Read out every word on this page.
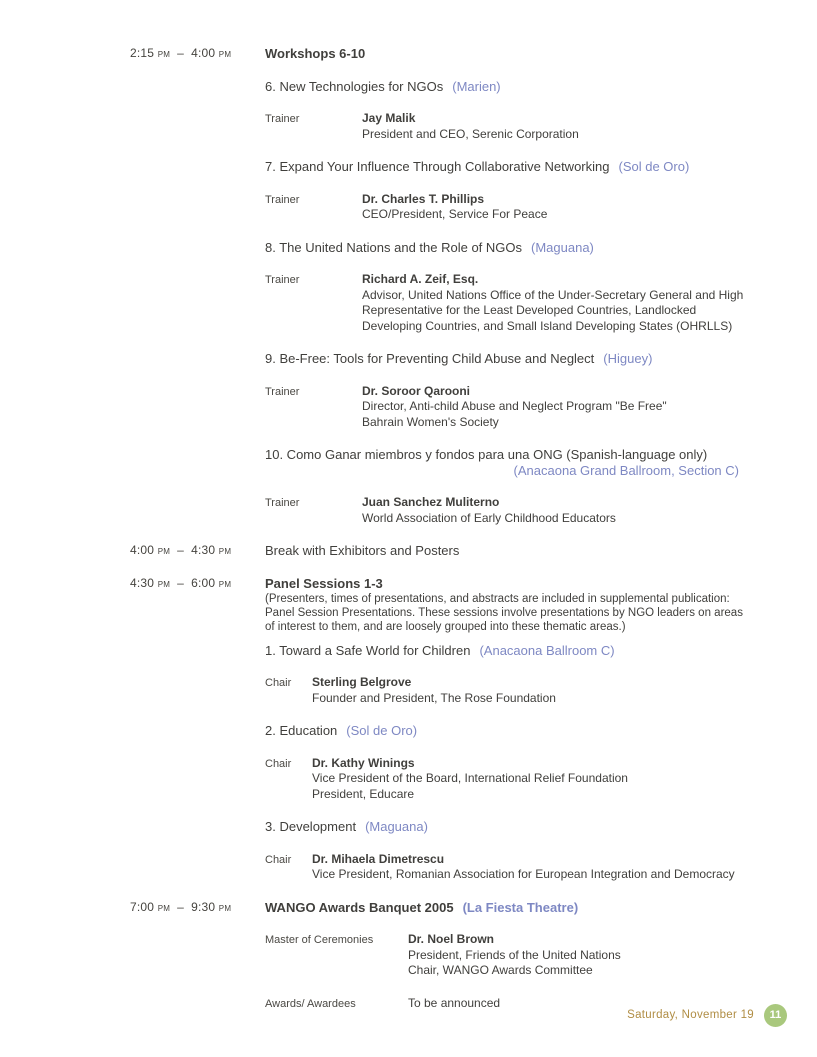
2:15 pm  –  4:00 pm	Workshops 6-10
6. New Technologies for NGOs (Marien)
Trainer	Jay Malik
President and CEO, Serenic Corporation
7. Expand Your Influence Through Collaborative Networking (Sol de Oro)
Trainer	Dr. Charles T. Phillips
CEO/President, Service For Peace
8. The United Nations and the Role of NGOs (Maguana)
Trainer	Richard A. Zeif, Esq.
Advisor, United Nations Office of the Under-Secretary General and High
Representative for the Least Developed Countries, Landlocked
Developing Countries, and Small Island Developing States (OHRLLS)
9. Be-Free: Tools for Preventing Child Abuse and Neglect (Higuey)
Trainer	Dr. Soroor Qarooni
Director, Anti-child Abuse and Neglect Program "Be Free"
Bahrain Women's Society
10. Como Ganar miembros y fondos para una ONG (Spanish-language only)
(Anacaona Grand Ballroom, Section C)
Trainer	Juan Sanchez Muliterno
World Association of Early Childhood Educators
4:00 pm  –  4:30 pm	Break with Exhibitors and Posters
4:30 pm  –  6:00 pm	Panel Sessions 1-3
(Presenters, times of presentations, and abstracts are included in supplemental publication:
Panel Session Presentations. These sessions involve presentations by NGO leaders on areas
of interest to them, and are loosely grouped into these thematic areas.)
1. Toward a Safe World for Children (Anacaona Ballroom C)
Chair	Sterling Belgrove
Founder and President, The Rose Foundation
2. Education (Sol de Oro)
Chair	Dr. Kathy Winings
Vice President of the Board, International Relief Foundation
President, Educare
3. Development (Maguana)
Chair	Dr. Mihaela Dimetrescu
Vice President, Romanian Association for European Integration and Democracy
7:00 pm  –  9:30 pm	WANGO Awards Banquet 2005 (La Fiesta Theatre)
Master of Ceremonies	Dr. Noel Brown
President, Friends of the United Nations
Chair, WANGO Awards Committee
Awards/ Awardees	To be announced
Saturday, November 19	11
